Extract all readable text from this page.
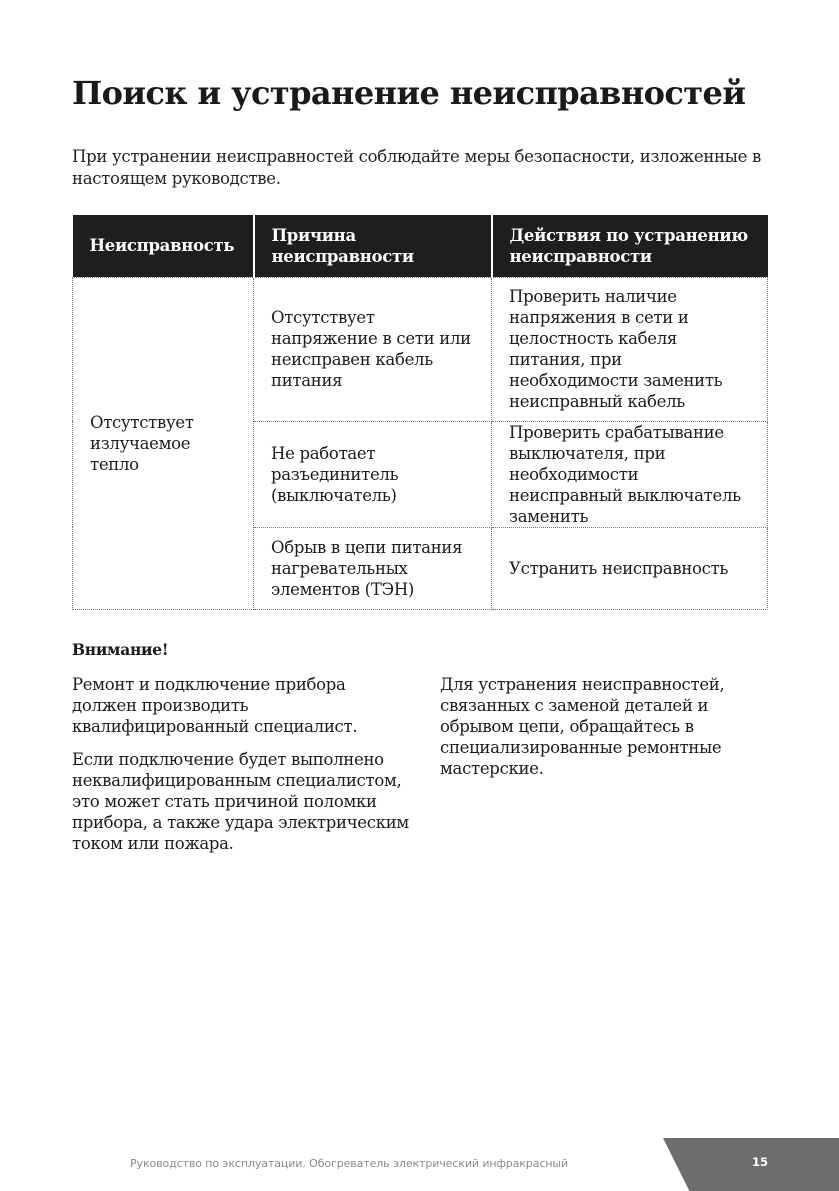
Поиск и устранение неисправностей

При устранении неисправностей соблюдайте меры безопасности, изложенные в настоящем руководстве.

Неисправность	Причина неисправности	Действия по устранению неисправности
Отсутствует излучаемое тепло	Отсутствует напряжение в сети или неисправен кабель питания	Проверить наличие напряжения в сети и целостность кабеля питания, при необходимости заменить неисправный кабель
	Не работает разъединитель (выключатель)	Проверить срабатывание выключателя, при необходимости неисправный выключатель заменить
	Обрыв в цепи питания нагревательных элементов (ТЭН)	Устранить неисправность

Внимание!

Ремонт и подключение прибора должен производить квалифицированный специалист.

Если подключение будет выполнено неквалифицированным специалистом, это может стать причиной поломки прибора, а также удара электрическим током или пожара.

Для устранения неисправностей, связанных с заменой деталей и обрывом цепи, обращайтесь в специализированные ремонтные мастерские.

Руководство по эксплуатации. Обогреватель электрический инфракрасный	15
